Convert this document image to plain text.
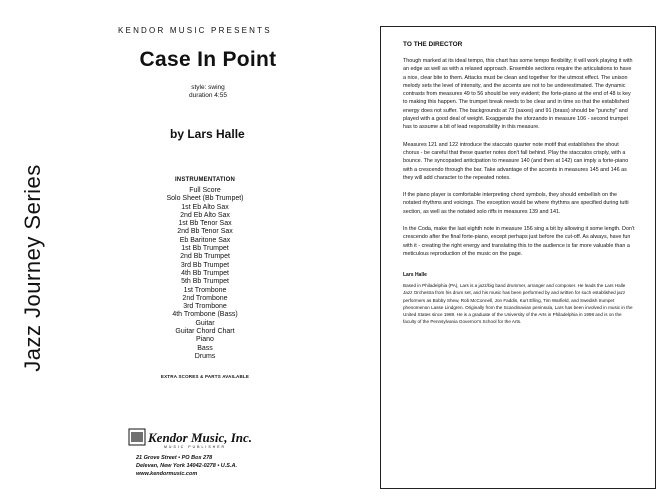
Jazz Journey Series
KENDOR MUSIC PRESENTS
Case In Point
style: swing
duration 4:55
by Lars Halle
INSTRUMENTATION
Full Score
Solo Sheet (Bb Trumpet)
1st Eb Alto Sax
2nd Eb Alto Sax
1st Bb Tenor Sax
2nd Bb Tenor Sax
Eb Baritone Sax
1st Bb Trumpet
2nd Bb Trumpet
3rd Bb Trumpet
4th Bb Trumpet
5th Bb Trumpet
1st Trombone
2nd Trombone
3rd Trombone
4th Trombone (Bass)
Guitar
Guitar Chord Chart
Piano
Bass
Drums
EXTRA SCORES & PARTS AVAILABLE
Kendor Music, Inc.
MUSIC PUBLISHER
21 Grove Street • PO Box 278
Delevan, New York 14042-0278 • U.S.A.
www.kendormusic.com
TO THE DIRECTOR

Though marked at its ideal tempo, this chart has some tempo flexibility; it will work playing it with an edge as well as with a relaxed approach. Ensemble sections require the articulations to have a nice, clear bite to them. Attacks must be clean and together for the utmost effect. The unison melody sets the level of intensity, and the accents are not to be underestimated. The dynamic contrasts from measures 49 to 56 should be very evident; the forte-piano at the end of 48 is key to making this happen. The trumpet break needs to be clear and in time so that the established energy does not suffer. The backgrounds at 73 (saxes) and 91 (brass) should be "punchy" and played with a good deal of weight. Exaggerate the sforzando in measure 106 - second trumpet has to assume a bit of lead responsibility in this measure.

Measures 121 and 122 introduce the staccato quarter note motif that establishes the shout chorus - be careful that these quarter notes don't fall behind. Play the staccatos crisply, with a bounce. The syncopated anticipation to measure 140 (and then at 142) can imply a forte-piano with a crescendo through the bar. Take advantage of the accents in measures 145 and 146 as they will add character to the repeated notes.

If the piano player is comfortable interpreting chord symbols, they should embellish on the notated rhythms and voicings. The exception would be where rhythms are specified during tutti section, as well as the notated solo riffs in measures 139 and 141.

In the Coda, make the last eighth note in measure 156 sing a bit by allowing it some length. Don't crescendo after the final forte-piano, except perhaps just before the cut-off. As always, have fun with it - creating the right energy and translating this to the audience is far more valuable than a meticulous reproduction of the music on the page.

Lars Halle

Based in Philadelphia (PA), Lars is a jazz/big band drummer, arranger and composer. He leads the Lars Halle Jazz Orchestra from his drum set, and his music has been performed by and written for such established jazz performers as Bobby Shew, Rob McConnell, Jon Faddis, Kurt Elling, Tim Warfield, and Swedish trumpet phenomenon Lasse Lindgren. Originally from the Scandinavian peninsula, Lars has been involved in music in the United States since 1989. He is a graduate of the University of the Arts in Philadelphia in 1998 and is on the faculty of the Pennsylvania Governor's School for the Arts.
